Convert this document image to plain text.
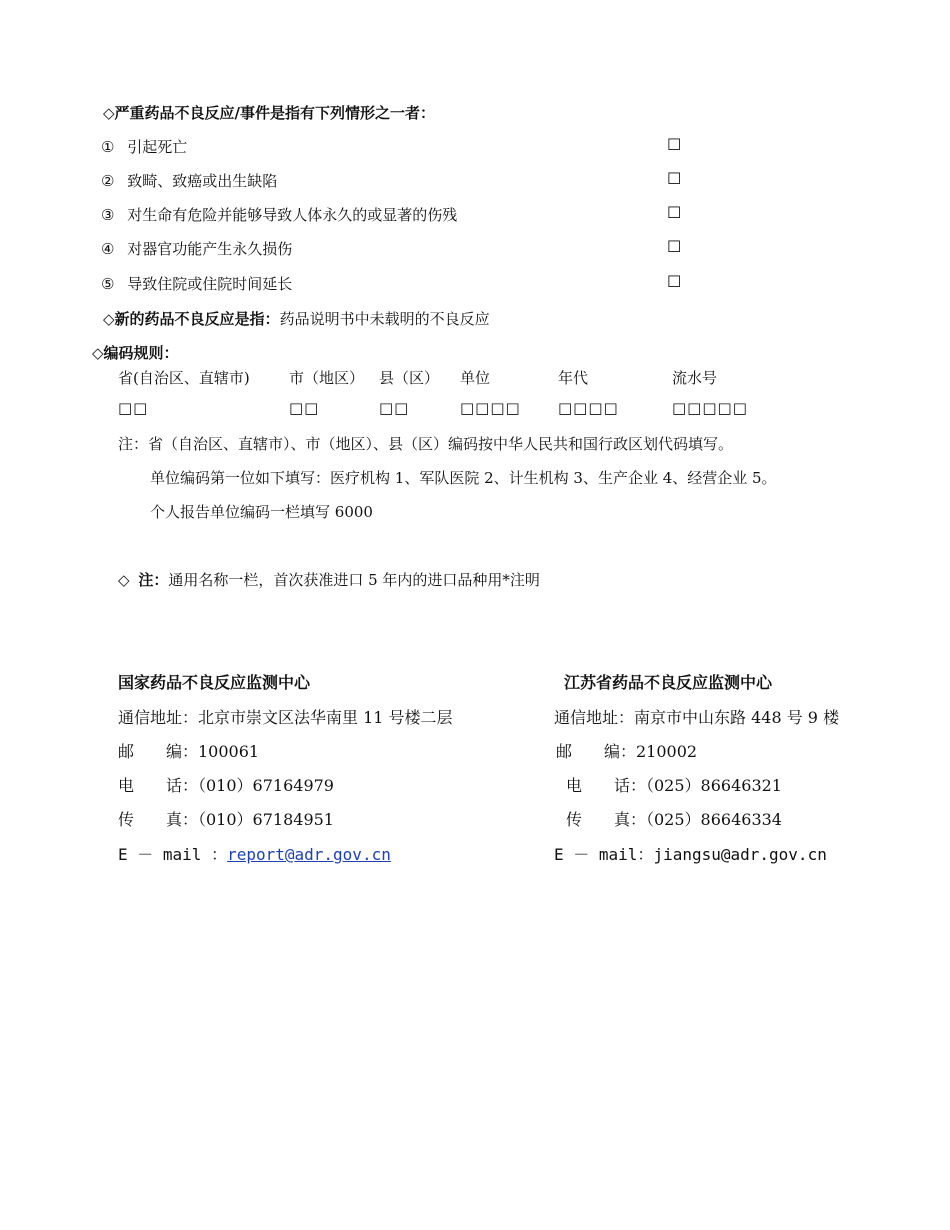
◇严重药品不良反应/事件是指有下列情形之一者：
① 引起死亡	☐
② 致畸、致癌或出生缺陷	☐
③ 对生命有危险并能够导致人体永久的或显著的伤残	☐
④ 对器官功能产生永久损伤	☐
⑤ 导致住院或住院时间延长	☐
◇新的药品不良反应是指：药品说明书中未载明的不良反应
◇编码规则：
省(自治区、直辖市)	市（地区） 县（区） 单位	年代	流水号
□□	□□	□□	□□□□ □□□□	□□□□□
注：省（自治区、直辖市）、市（地区）、县（区）编码按中华人民共和国行政区划代码填写。
单位编码第一位如下填写：医疗机构 1、军队医院 2、计生机构 3、生产企业 4、经营企业 5。
个人报告单位编码一栏填写 6000
◇ 注：通用名称一栏，首次获准进口 5 年内的进口品种用*注明
国家药品不良反应监测中心
通信地址：北京市崇文区法华南里 11 号楼二层
邮　　编：100061
电　　话：（010）67164979
传　　真：（010）67184951
E － mail ：report@adr.gov.cn
江苏省药品不良反应监测中心
通信地址：南京市中山东路 448 号 9 楼
邮　　编：210002
电　　话：（025）86646321
传　　真：（025）86646334
E － mail：jiangsu@adr.gov.cn
